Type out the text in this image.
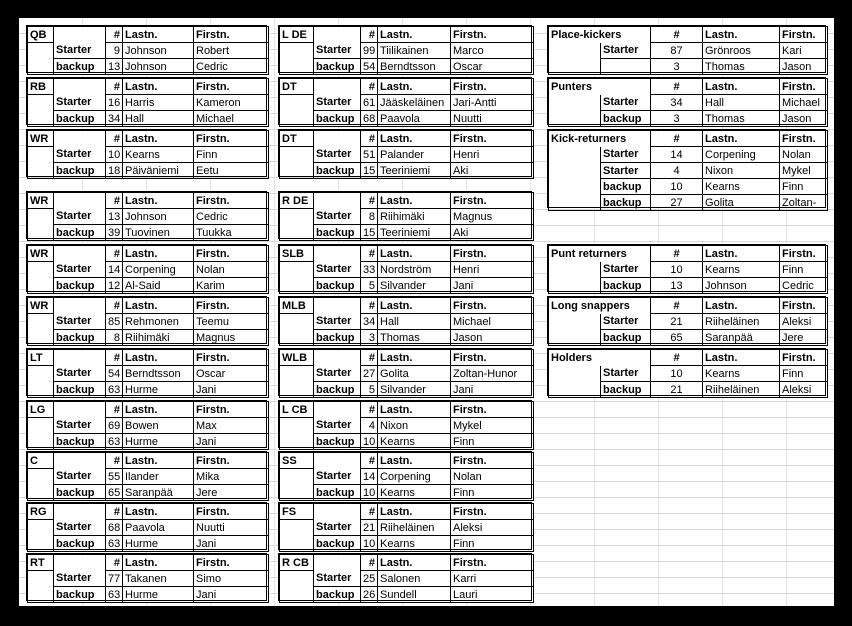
QB		#	Lastn.	Firstn.
	Starter	9	Johnson	Robert
	backup	13	Johnson	Cedric
RB		#	Lastn.	Firstn.
	Starter	16	Harris	Kameron
	backup	34	Hall	Michael
WR		#	Lastn.	Firstn.
	Starter	10	Kearns	Finn
	backup	18	Päiväniemi	Eetu
WR		#	Lastn.	Firstn.
	Starter	13	Johnson	Cedric
	backup	39	Tuovinen	Tuukka
WR		#	Lastn.	Firstn.
	Starter	14	Corpening	Nolan
	backup	12	Al-Said	Karim
WR		#	Lastn.	Firstn.
	Starter	85	Rehmonen	Teemu
	backup	8	Riihimäki	Magnus
LT		#	Lastn.	Firstn.
	Starter	54	Berndtsson	Oscar
	backup	63	Hurme	Jani
LG		#	Lastn.	Firstn.
	Starter	69	Bowen	Max
	backup	63	Hurme	Jani
C		#	Lastn.	Firstn.
	Starter	55	Ilander	Mika
	backup	65	Saranpää	Jere
RG		#	Lastn.	Firstn.
	Starter	68	Paavola	Nuutti
	backup	63	Hurme	Jani
RT		#	Lastn.	Firstn.
	Starter	77	Takanen	Simo
	backup	63	Hurme	Jani
L DE		#	Lastn.	Firstn.
	Starter	99	Tiilikainen	Marco
	backup	54	Berndtsson	Oscar
DT		#	Lastn.	Firstn.
	Starter	61	Jääskeläinen	Jari-Antti
	backup	68	Paavola	Nuutti
DT		#	Lastn.	Firstn.
	Starter	51	Palander	Henri
	backup	15	Teeriniemi	Aki
R DE		#	Lastn.	Firstn.
	Starter	8	Riihimäki	Magnus
	backup	15	Teeriniemi	Aki
SLB		#	Lastn.	Firstn.
	Starter	33	Nordström	Henri
	backup	5	Silvander	Jani
MLB		#	Lastn.	Firstn.
	Starter	34	Hall	Michael
	backup	3	Thomas	Jason
WLB		#	Lastn.	Firstn.
	Starter	27	Golita	Zoltan-Hunor
	backup	5	Silvander	Jani
L CB		#	Lastn.	Firstn.
	Starter	4	Nixon	Mykel
	backup	10	Kearns	Finn
SS		#	Lastn.	Firstn.
	Starter	14	Corpening	Nolan
	backup	10	Kearns	Finn
FS		#	Lastn.	Firstn.
	Starter	21	Riiheläinen	Aleksi
	backup	10	Kearns	Finn
R CB		#	Lastn.	Firstn.
	Starter	25	Salonen	Karri
	backup	26	Sundell	Lauri
Place-kickers		#	Lastn.	Firstn.
	Starter	87	Grönroos	Kari
		3	Thomas	Jason
Punters		#	Lastn.	Firstn.
	Starter	34	Hall	Michael
	backup	3	Thomas	Jason
Kick-returners		#	Lastn.	Firstn.
	Starter	14	Corpening	Nolan
	Starter	4	Nixon	Mykel
	backup	10	Kearns	Finn
	backup	27	Golita	Zoltan-
Punt returners		#	Lastn.	Firstn.
	Starter	10	Kearns	Finn
	backup	13	Johnson	Cedric
Long snappers		#	Lastn.	Firstn.
	Starter	21	Riiheläinen	Aleksi
	backup	65	Saranpää	Jere
Holders		#	Lastn.	Firstn.
	Starter	10	Kearns	Finn
	backup	21	Riiheläinen	Aleksi
